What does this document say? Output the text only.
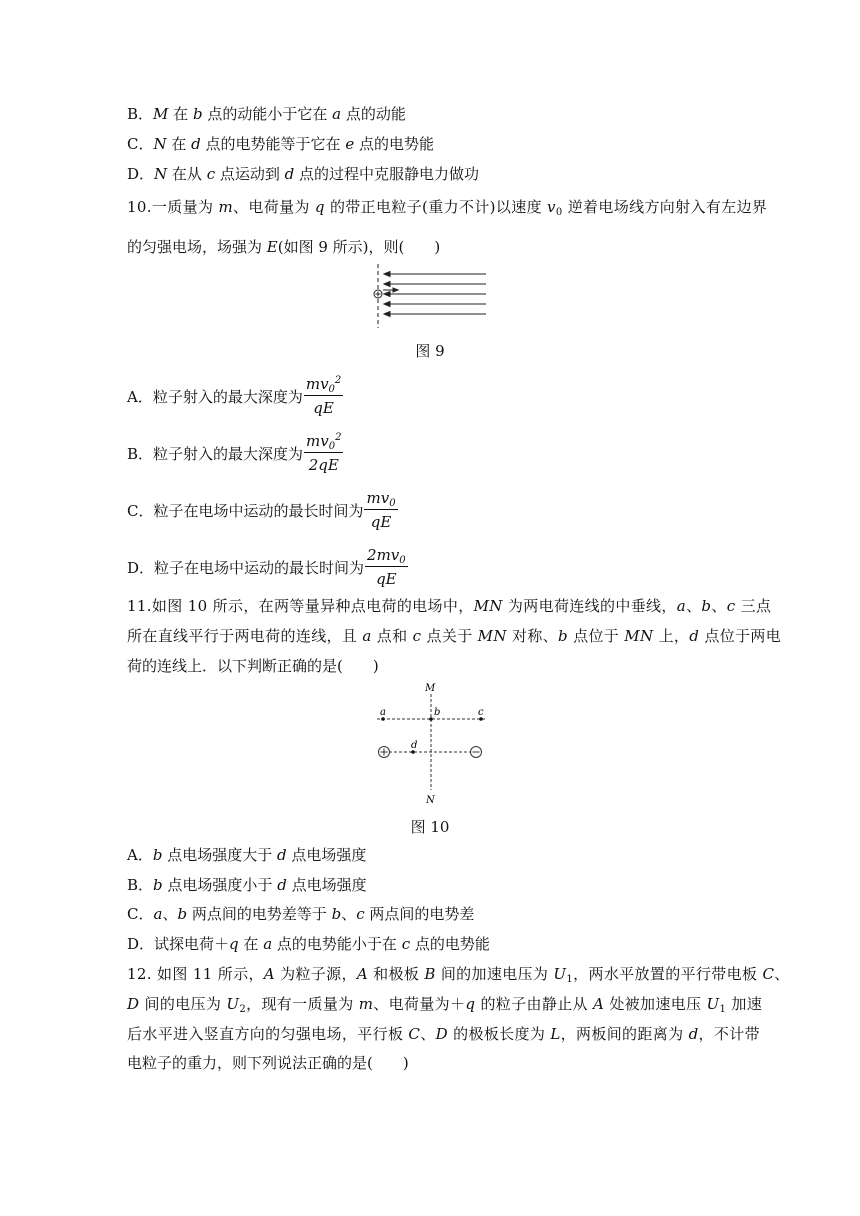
B．M 在 b 点的动能小于它在 a 点的动能
C．N 在 d 点的电势能等于它在 e 点的电势能
D．N 在从 c 点运动到 d 点的过程中克服静电力做功
10.一质量为 m、电荷量为 q 的带正电粒子(重力不计)以速度 $v_0$ 逆着电场线方向射入有左边界
的匀强电场，场强为 E(如图 9 所示)，则(　　)
图 9
A．粒子射入的最大深度为 $\frac{mv_0^2}{qE}$
B．粒子射入的最大深度为 $\frac{mv_0^2}{2qE}$
C．粒子在电场中运动的最长时间为 $\frac{mv_0}{qE}$
D．粒子在电场中运动的最长时间为 $\frac{2mv_0}{qE}$
11.如图 10 所示，在两等量异种点电荷的电场中，MN 为两电荷连线的中垂线，a、b、c 三点
所在直线平行于两电荷的连线，且 a 点和 c 点关于 MN 对称、b 点位于 MN 上，d 点位于两电
荷的连线上．以下判断正确的是(　　)
M
N
a	b	c
d
图 10
A．b 点电场强度大于 d 点电场强度
B．b 点电场强度小于 d 点电场强度
C．a、b 两点间的电势差等于 b、c 两点间的电势差
D．试探电荷＋q 在 a 点的电势能小于在 c 点的电势能
12. 如图 11 所示，A 为粒子源，A 和极板 B 间的加速电压为 $U_1$，两水平放置的平行带电板 C、
D 间的电压为 $U_2$，现有一质量为 m、电荷量为＋q 的粒子由静止从 A 处被加速电压 $U_1$ 加速
后水平进入竖直方向的匀强电场，平行板 C、D 的极板长度为 L，两板间的距离为 d，不计带
电粒子的重力，则下列说法正确的是(　　)
